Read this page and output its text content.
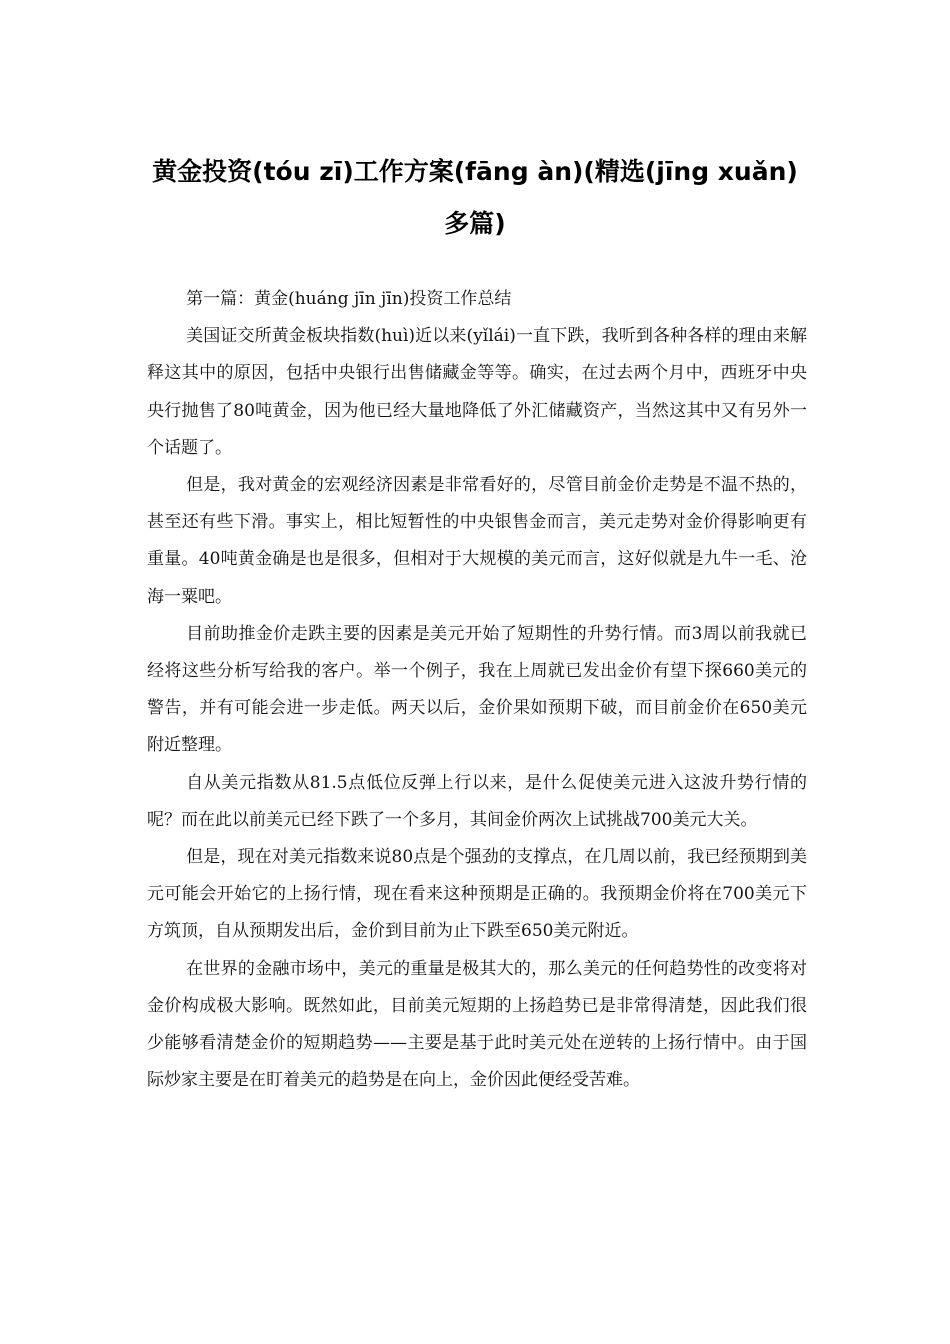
黄金投资(tóu zī)工作方案(fāng àn)(精选(jīng xuǎn)多篇)

第一篇：黄金(huáng jīn jīn)投资工作总结

美国证交所黄金板块指数(huì)近以来(yǐlái)一直下跌，我听到各种各样的理由来解释这其中的原因，包括中央银行出售储藏金等等。确实，在过去两个月中，西班牙中央央行抛售了80吨黄金，因为他已经大量地降低了外汇储藏资产，当然这其中又有另外一个话题了。

但是，我对黄金的宏观经济因素是非常看好的，尽管目前金价走势是不温不热的，甚至还有些下滑。事实上，相比短暂性的中央银售金而言，美元走势对金价得影响更有重量。40吨黄金确是也是很多，但相对于大规模的美元而言，这好似就是九牛一毛、沧海一粟吧。

目前助推金价走跌主要的因素是美元开始了短期性的升势行情。而3周以前我就已经将这些分析写给我的客户。举一个例子，我在上周就已发出金价有望下探660美元的警告，并有可能会进一步走低。两天以后，金价果如预期下破，而目前金价在650美元附近整理。

自从美元指数从81.5点低位反弹上行以来，是什么促使美元进入这波升势行情的呢？而在此以前美元已经下跌了一个多月，其间金价两次上试挑战700美元大关。

但是，现在对美元指数来说80点是个强劲的支撑点，在几周以前，我已经预期到美元可能会开始它的上扬行情，现在看来这种预期是正确的。我预期金价将在700美元下方筑顶，自从预期发出后，金价到目前为止下跌至650美元附近。

在世界的金融市场中，美元的重量是极其大的，那么美元的任何趋势性的改变将对金价构成极大影响。既然如此，目前美元短期的上扬趋势已是非常得清楚，因此我们很少能够看清楚金价的短期趋势——主要是基于此时美元处在逆转的上扬行情中。由于国际炒家主要是在盯着美元的趋势是在向上，金价因此便经受苦难。
